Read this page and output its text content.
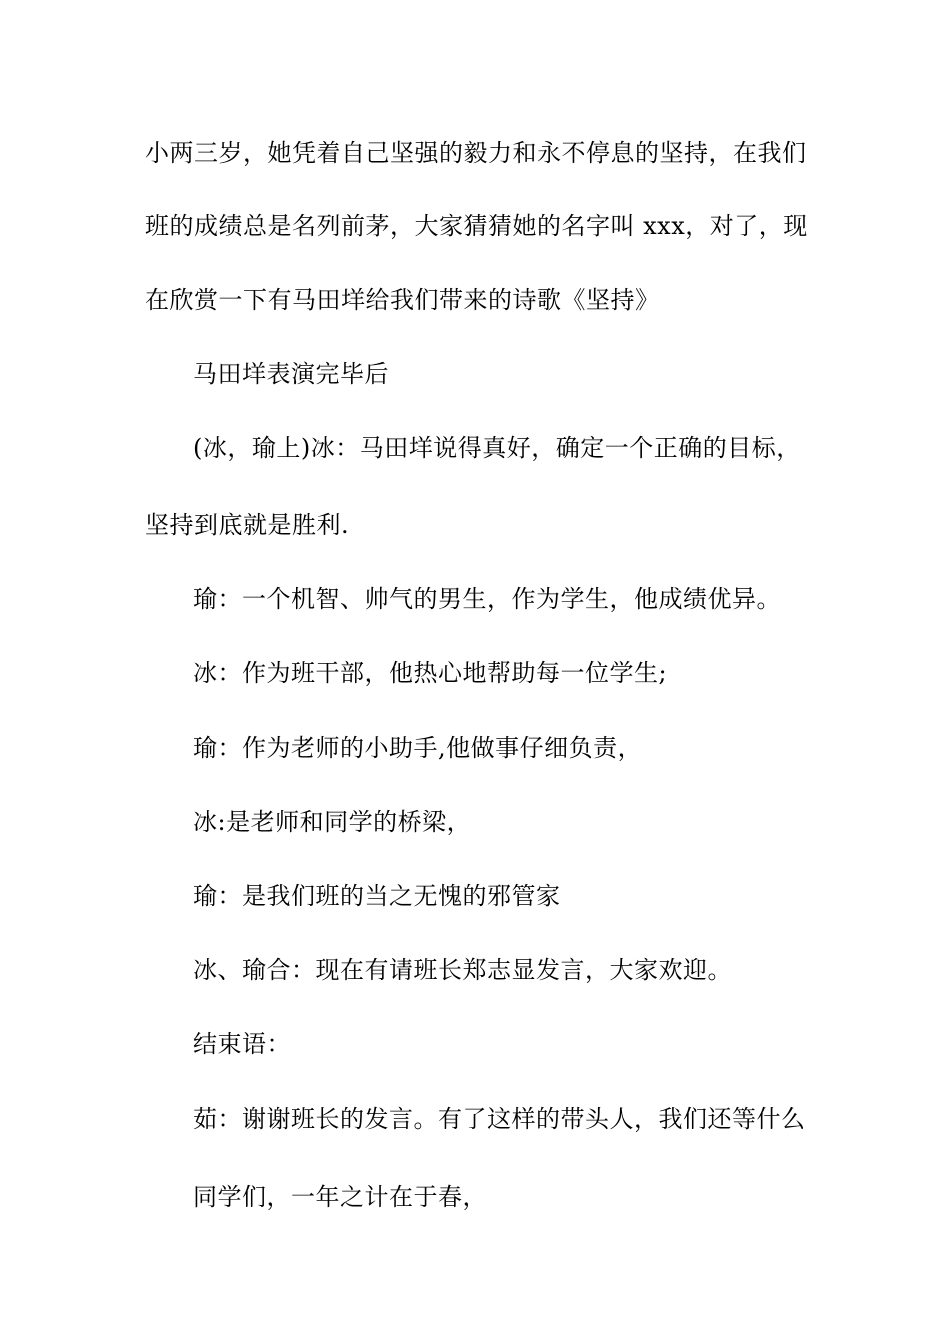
小两三岁，她凭着自己坚强的毅力和永不停息的坚持，在我们
班的成绩总是名列前茅，大家猜猜她的名字叫 xxx，对了，现
在欣赏一下有马田垟给我们带来的诗歌《坚持》
马田垟表演完毕后
(冰，瑜上)冰：马田垟说得真好，确定一个正确的目标，
坚持到底就是胜利.
瑜：一个机智、帅气的男生，作为学生，他成绩优异。
冰：作为班干部，他热心地帮助每一位学生;
瑜：作为老师的小助手,他做事仔细负责，
冰:是老师和同学的桥梁，
瑜：是我们班的当之无愧的邪管家
冰、瑜合：现在有请班长郑志显发言，大家欢迎。
结束语：
茹：谢谢班长的发言。有了这样的带头人，我们还等什么
同学们，一年之计在于春，
